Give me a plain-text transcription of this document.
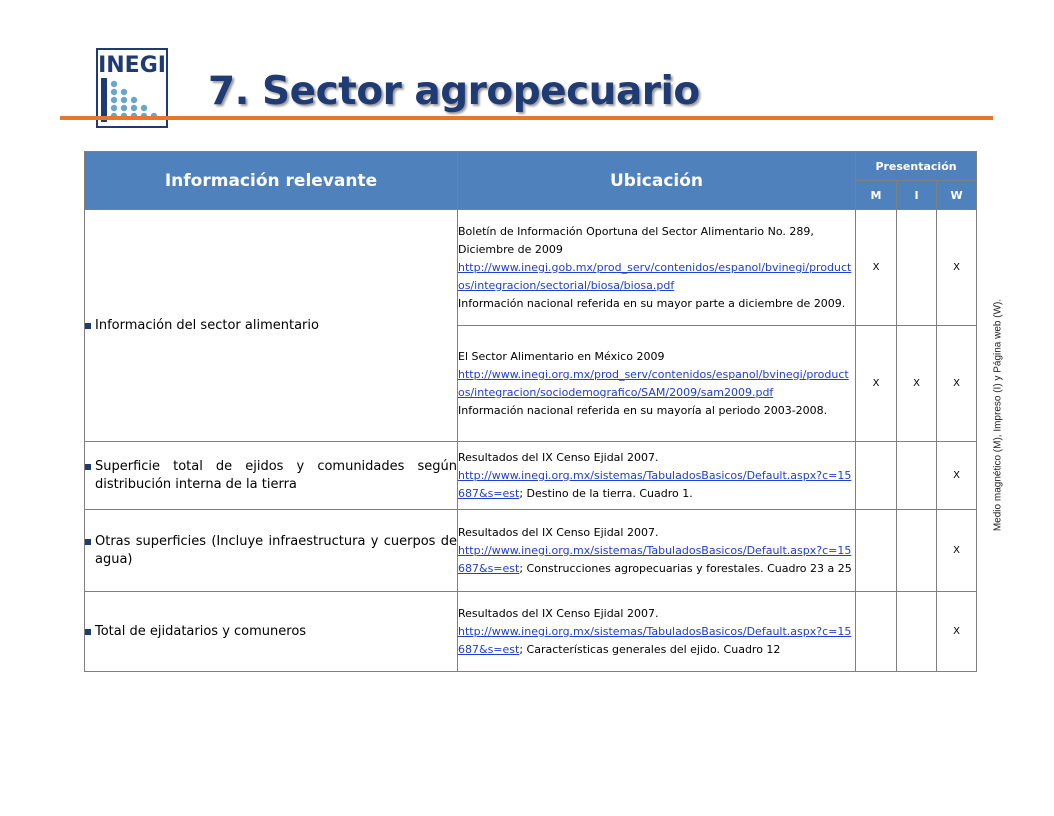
INEGI
7. Sector agropecuario
Información relevante	Ubicación	Presentación		
		M	I	W

Información del sector alimentario	Boletín de Información Oportuna del Sector Alimentario No. 289, Diciembre de 2009
http://www.inegi.gob.mx/prod_serv/contenidos/espanol/bvinegi/productos/integracion/sectorial/biosa/biosa.pdf
Información nacional referida en su mayor parte a diciembre de 2009.	X		X
	El Sector Alimentario en México 2009
http://www.inegi.org.mx/prod_serv/contenidos/espanol/bvinegi/productos/integracion/sociodemografico/SAM/2009/sam2009.pdf
Información nacional referida en su mayoría al periodo 2003-2008.	X	X	X

Superficie total de ejidos y comunidades según distribución interna de la tierra	Resultados del IX Censo Ejidal 2007.
http://www.inegi.org.mx/sistemas/TabuladosBasicos/Default.aspx?c=15687&s=est; Destino de la tierra. Cuadro 1.			X

Otras superficies (Incluye infraestructura y cuerpos de agua)	Resultados del IX Censo Ejidal 2007.
http://www.inegi.org.mx/sistemas/TabuladosBasicos/Default.aspx?c=15687&s=est; Construcciones agropecuarias y forestales. Cuadro 23 a 25			X

Total de ejidatarios y comuneros	Resultados del IX Censo Ejidal 2007.
http://www.inegi.org.mx/sistemas/TabuladosBasicos/Default.aspx?c=15687&s=est; Características generales del ejido. Cuadro 12			X
Medio magnético (M), Impreso (I) y Página web (W).
